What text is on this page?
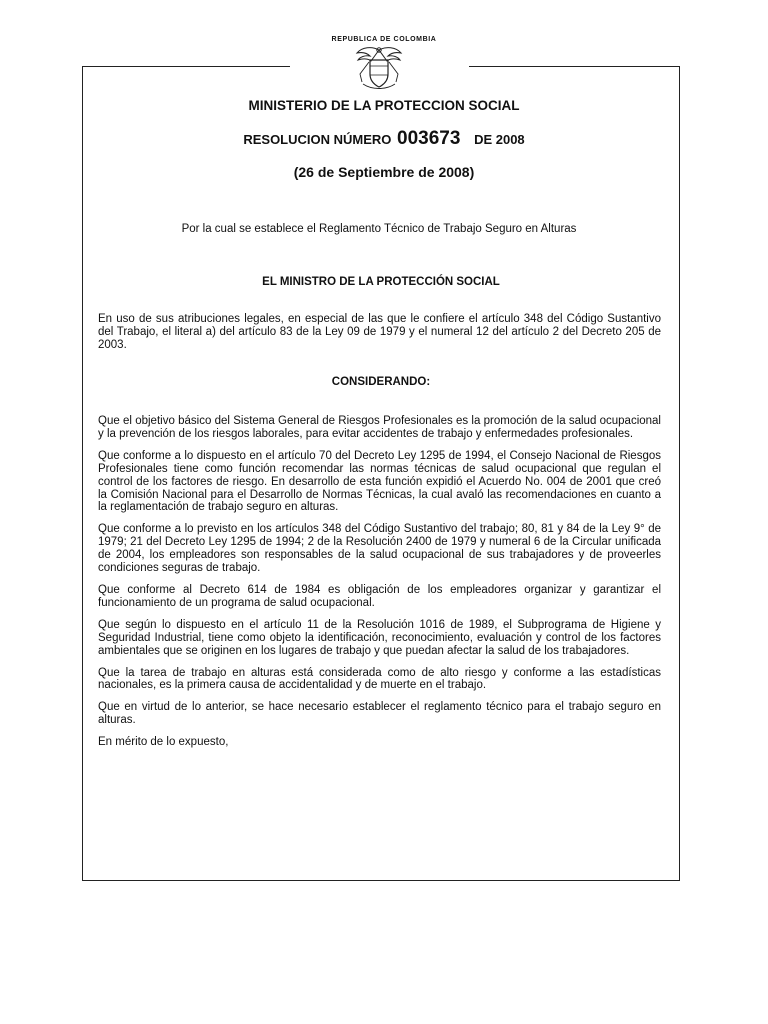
REPUBLICA DE COLOMBIA
MINISTERIO DE LA PROTECCION SOCIAL
RESOLUCION NÚMERO 003673 DE 2008
(26 de Septiembre de 2008)
Por la cual se establece el Reglamento Técnico de Trabajo Seguro en Alturas
EL MINISTRO DE LA PROTECCIÓN SOCIAL
En uso de sus atribuciones legales, en especial de las que le confiere el artículo 348 del Código Sustantivo del Trabajo, el literal a) del artículo 83 de la Ley 09 de 1979 y el numeral 12 del artículo 2 del Decreto 205 de 2003.
CONSIDERANDO:

Que el objetivo básico del Sistema General de Riesgos Profesionales es la promoción de la salud ocupacional y la prevención de los riesgos laborales, para evitar accidentes de trabajo y enfermedades profesionales.

Que conforme a lo dispuesto en el artículo 70 del Decreto Ley 1295 de 1994, el Consejo Nacional de Riesgos Profesionales tiene como función recomendar las normas técnicas de salud ocupacional que regulan el control de los factores de riesgo. En desarrollo de esta función expidió el Acuerdo No. 004 de 2001 que creó la Comisión Nacional para el Desarrollo de Normas Técnicas, la cual avaló las recomendaciones en cuanto a la reglamentación de trabajo seguro en alturas.

Que conforme a lo previsto en los artículos 348 del Código Sustantivo del trabajo; 80, 81 y 84 de la Ley 9° de 1979; 21 del Decreto Ley 1295 de 1994; 2 de la Resolución 2400 de 1979 y numeral 6 de la Circular unificada de 2004, los empleadores son responsables de la salud ocupacional de sus trabajadores y de proveerles condiciones seguras de trabajo.

Que conforme al Decreto 614 de 1984 es obligación de los empleadores organizar y garantizar el funcionamiento de un programa de salud ocupacional.

Que según lo dispuesto en el artículo 11 de la Resolución 1016 de 1989, el Subprograma de Higiene y Seguridad Industrial, tiene como objeto la identificación, reconocimiento, evaluación y control de los factores ambientales que se originen en los lugares de trabajo y que puedan afectar la salud de los trabajadores.

Que la tarea de trabajo en alturas está considerada como de alto riesgo y conforme a las estadísticas nacionales, es la primera causa de accidentalidad y de muerte en el trabajo.

Que en virtud de lo anterior, se hace necesario establecer el reglamento técnico para el trabajo seguro en alturas.

En mérito de lo expuesto,
